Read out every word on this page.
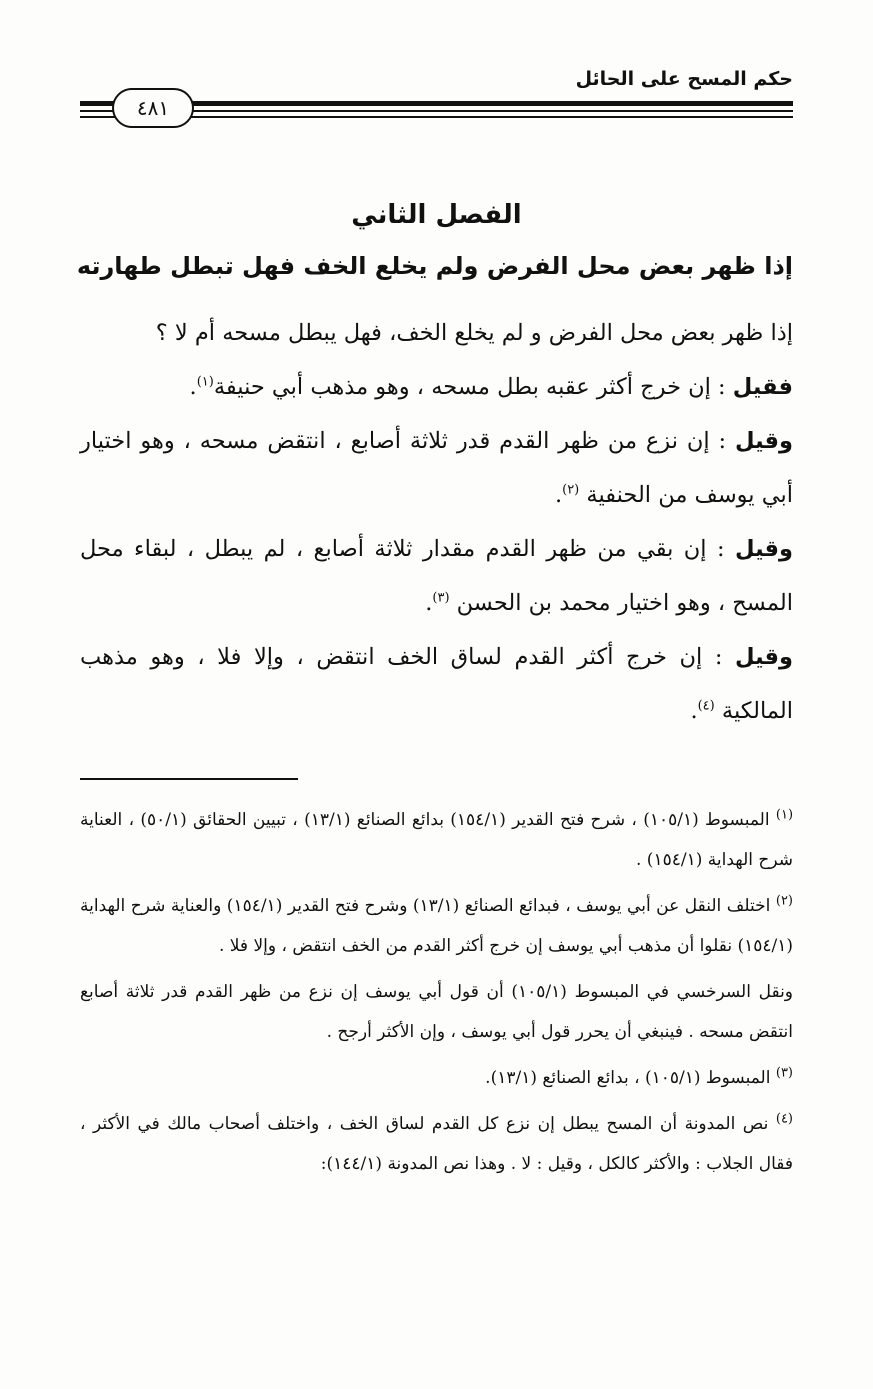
حكم المسح على الحائل
٤٨١
الفصل الثاني
إذا ظهر بعض محل الفرض ولم يخلع الخف فهل تبطل طهارته

إذا ظهر بعض محل الفرض و لم يخلع الخف، فهل يبطل مسحه أم لا ؟

فقيل : إن خرج أكثر عقبه بطل مسحه ، وهو مذهب أبي حنيفة$^{(١)}$.

وقيل : إن نزع من ظهر القدم قدر ثلاثة أصابع ، انتقض مسحه ، وهو اختيار أبي يوسف من الحنفية $^{(٢)}$.

وقيل : إن بقي من ظهر القدم مقدار ثلاثة أصابع ، لم يبطل ، لبقاء محل المسح ، وهو اختيار محمد بن الحسن $^{(٣)}$.

وقيل : إن خرج أكثر القدم لساق الخف انتقض ، وإلا فلا ، وهو مذهب المالكية $^{(٤)}$.

$^{(١)}$ المبسوط (١٠٥/١) ، شرح فتح القدير (١٥٤/١) بدائع الصنائع (١٣/١) ، تبيين الحقائق (٥٠/١) ، العناية شرح الهداية (١٥٤/١) .

$^{(٢)}$ اختلف النقل عن أبي يوسف ، فبدائع الصنائع (١٣/١) وشرح فتح القدير (١٥٤/١) والعناية شرح الهداية (١٥٤/١) نقلوا أن مذهب أبي يوسف إن خرج أكثر القدم من الخف انتقض ، وإلا فلا .

ونقل السرخسي في المبسوط (١٠٥/١) أن قول أبي يوسف إن نزع من ظهر القدم قدر ثلاثة أصابع انتقض مسحه . فينبغي أن يحرر قول أبي يوسف ، وإن الأكثر أرجح .

$^{(٣)}$ المبسوط (١٠٥/١) ، بدائع الصنائع (١٣/١).

$^{(٤)}$ نص المدونة أن المسح يبطل إن نزع كل القدم لساق الخف ، واختلف أصحاب مالك في الأكثر ، فقال الجلاب : والأكثر كالكل ، وقيل : لا . وهذا نص المدونة (١٤٤/١):
